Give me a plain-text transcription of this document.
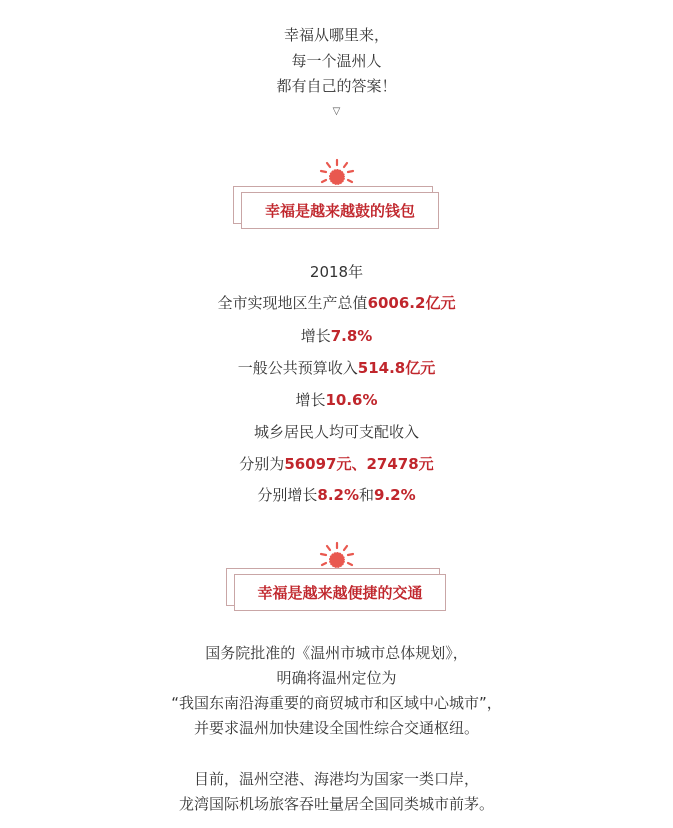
幸福从哪里来，
每一个温州人
都有自己的答案！
▽
幸福是越来越鼓的钱包
2018年
全市实现地区生产总值6006.2亿元
增长7.8%
一般公共预算收入514.8亿元
增长10.6%
城乡居民人均可支配收入
分别为56097元、27478元
分别增长8.2%和9.2%
幸福是越来越便捷的交通
国务院批准的《温州市城市总体规划》，
明确将温州定位为
“我国东南沿海重要的商贸城市和区域中心城市”，
并要求温州加快建设全国性综合交通枢纽。
目前，温州空港、海港均为国家一类口岸，
龙湾国际机场旅客吞吐量居全国同类城市前茅。
